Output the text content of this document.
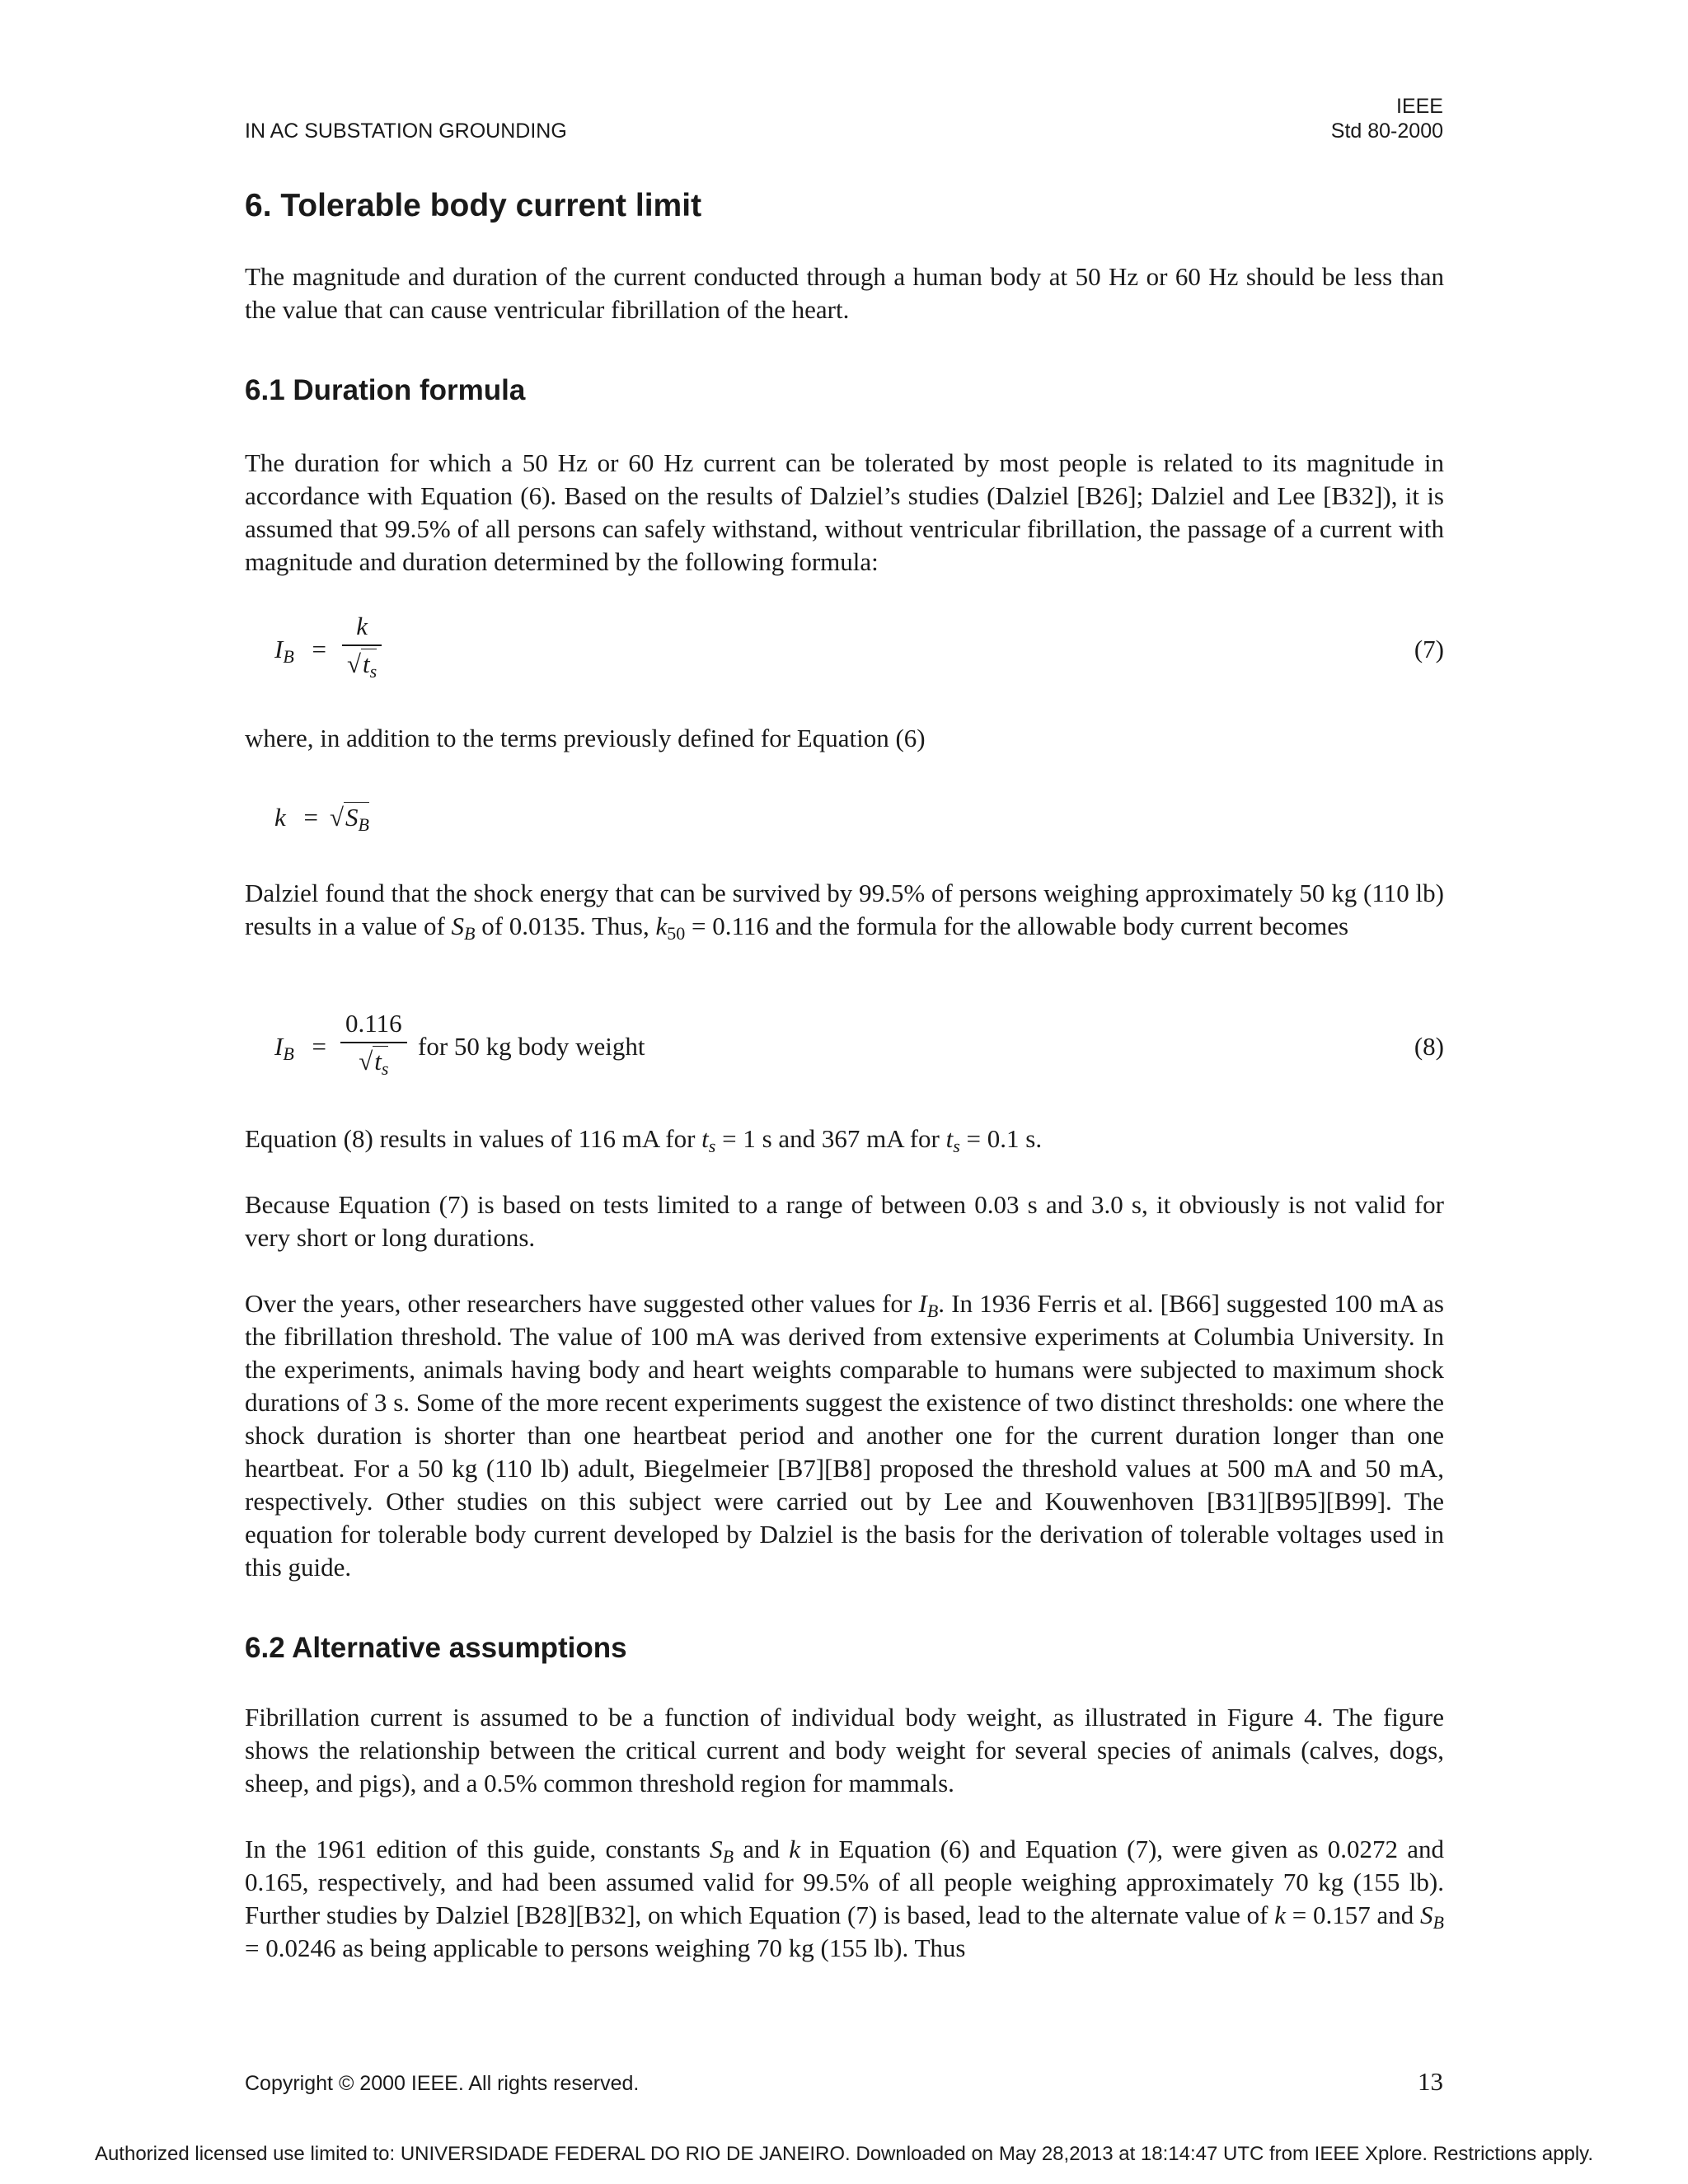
IN AC SUBSTATION GROUNDING
IEEE
Std 80-2000
6. Tolerable body current limit
The magnitude and duration of the current conducted through a human body at 50 Hz or 60 Hz should be less than the value that can cause ventricular fibrillation of the heart.
6.1 Duration formula
The duration for which a 50 Hz or 60 Hz current can be tolerated by most people is related to its magnitude in accordance with Equation (6). Based on the results of Dalziel’s studies (Dalziel [B26]; Dalziel and Lee [B32]), it is assumed that 99.5% of all persons can safely withstand, without ventricular fibrillation, the passage of a current with magnitude and duration determined by the following formula:
$I_B = \frac{k}{√t_s}$	(7)
where, in addition to the terms previously defined for Equation (6)
$k = √S_B$
Dalziel found that the shock energy that can be survived by 99.5% of persons weighing approximately 50 kg (110 lb) results in a value of $S_B$ of 0.0135. Thus, $k_{50} = 0.116$ and the formula for the allowable body current becomes
$I_B = \frac{0.116}{√t_s}$ for 50 kg body weight	(8)
Equation (8) results in values of 116 mA for $t_s = 1$ s and 367 mA for $t_s = 0.1$ s.
Because Equation (7) is based on tests limited to a range of between 0.03 s and 3.0 s, it obviously is not valid for very short or long durations.
Over the years, other researchers have suggested other values for $I_B$. In 1936 Ferris et al. [B66] suggested 100 mA as the fibrillation threshold. The value of 100 mA was derived from extensive experiments at Columbia University. In the experiments, animals having body and heart weights comparable to humans were subjected to maximum shock durations of 3 s. Some of the more recent experiments suggest the existence of two distinct thresholds: one where the shock duration is shorter than one heartbeat period and another one for the current duration longer than one heartbeat. For a 50 kg (110 lb) adult, Biegelmeier [B7][B8] proposed the threshold values at 500 mA and 50 mA, respectively. Other studies on this subject were carried out by Lee and Kouwenhoven [B31][B95][B99]. The equation for tolerable body current developed by Dalziel is the basis for the derivation of tolerable voltages used in this guide.
6.2 Alternative assumptions
Fibrillation current is assumed to be a function of individual body weight, as illustrated in Figure 4. The figure shows the relationship between the critical current and body weight for several species of animals (calves, dogs, sheep, and pigs), and a 0.5% common threshold region for mammals.
In the 1961 edition of this guide, constants $S_B$ and k in Equation (6) and Equation (7), were given as 0.0272 and 0.165, respectively, and had been assumed valid for 99.5% of all people weighing approximately 70 kg (155 lb). Further studies by Dalziel [B28][B32], on which Equation (7) is based, lead to the alternate value of k = 0.157 and $S_B = 0.0246$ as being applicable to persons weighing 70 kg (155 lb). Thus
Copyright © 2000 IEEE. All rights reserved.	13
Authorized licensed use limited to: UNIVERSIDADE FEDERAL DO RIO DE JANEIRO. Downloaded on May 28,2013 at 18:14:47 UTC from IEEE Xplore. Restrictions apply.
